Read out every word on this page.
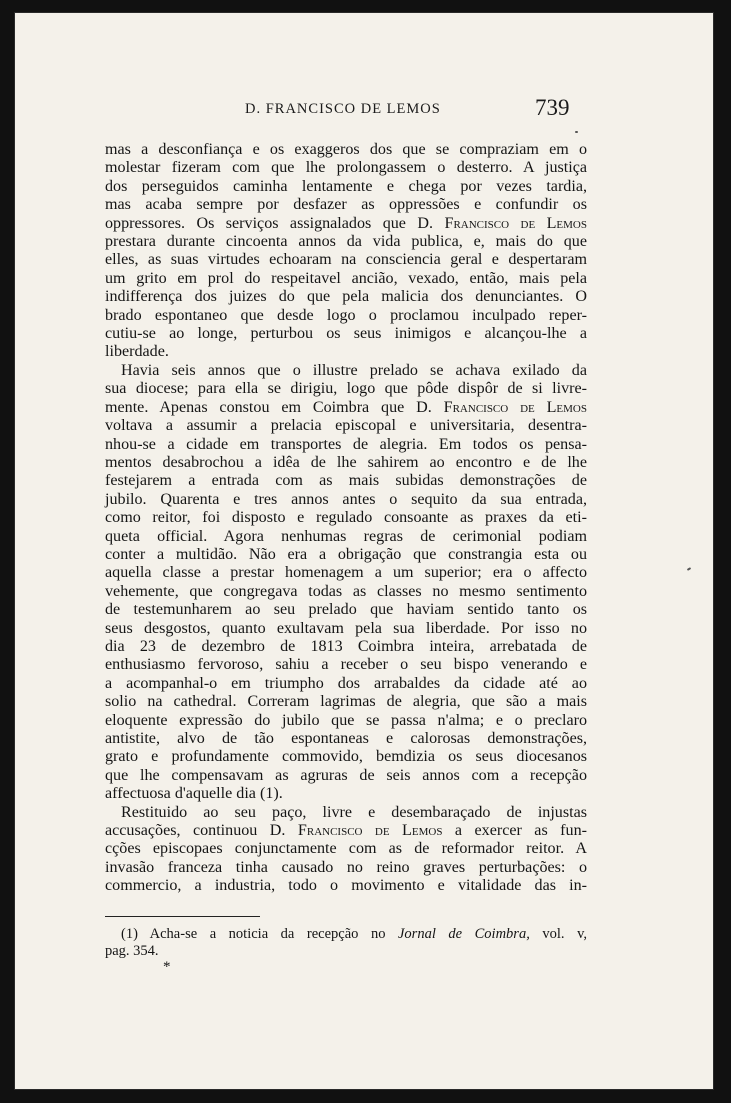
D. FRANCISCO DE LEMOS	739
mas a desconfiança e os exaggeros dos que se compraziam em o
molestar fizeram com que lhe prolongassem o desterro. A justiça
dos perseguidos caminha lentamente e chega por vezes tardia,
mas acaba sempre por desfazer as oppressões e confundir os
oppressores. Os serviços assignalados que D. Francisco de Lemos
prestara durante cincoenta annos da vida publica, e, mais do que
elles, as suas virtudes echoaram na consciencia geral e despertaram
um grito em prol do respeitavel ancião, vexado, então, mais pela
indifferença dos juizes do que pela malicia dos denunciantes. O
brado espontaneo que desde logo o proclamou inculpado reper-
cutiu-se ao longe, perturbou os seus inimigos e alcançou-lhe a
liberdade.
Havia seis annos que o illustre prelado se achava exilado da
sua diocese; para ella se dirigiu, logo que pôde dispôr de si livre-
mente. Apenas constou em Coimbra que D. Francisco de Lemos
voltava a assumir a prelacia episcopal e universitaria, desentra-
nhou-se a cidade em transportes de alegria. Em todos os pensa-
mentos desabrochou a idêa de lhe sahirem ao encontro e de lhe
festejarem a entrada com as mais subidas demonstrações de
jubilo. Quarenta e tres annos antes o sequito da sua entrada,
como reitor, foi disposto e regulado consoante as praxes da eti-
queta official. Agora nenhumas regras de cerimonial podiam
conter a multidão. Não era a obrigação que constrangia esta ou
aquella classe a prestar homenagem a um superior; era o affecto
vehemente, que congregava todas as classes no mesmo sentimento
de testemunharem ao seu prelado que haviam sentido tanto os
seus desgostos, quanto exultavam pela sua liberdade. Por isso no
dia 23 de dezembro de 1813 Coimbra inteira, arrebatada de
enthusiasmo fervoroso, sahiu a receber o seu bispo venerando e
a acompanhal-o em triumpho dos arrabaldes da cidade até ao
solio na cathedral. Correram lagrimas de alegria, que são a mais
eloquente expressão do jubilo que se passa n'alma; e o preclaro
antistite, alvo de tão espontaneas e calorosas demonstrações,
grato e profundamente commovido, bemdizia os seus diocesanos
que lhe compensavam as agruras de seis annos com a recepção
affectuosa d'aquelle dia (1).
Restituido ao seu paço, livre e desembaraçado de injustas
accusações, continuou D. Francisco de Lemos a exercer as fun-
cções episcopaes conjunctamente com as de reformador reitor. A
invasão franceza tinha causado no reino graves perturbações: o
commercio, a industria, todo o movimento e vitalidade das in-
(1) Acha-se a noticia da recepção no Jornal de Coimbra, vol. v,
pag. 354.
*
